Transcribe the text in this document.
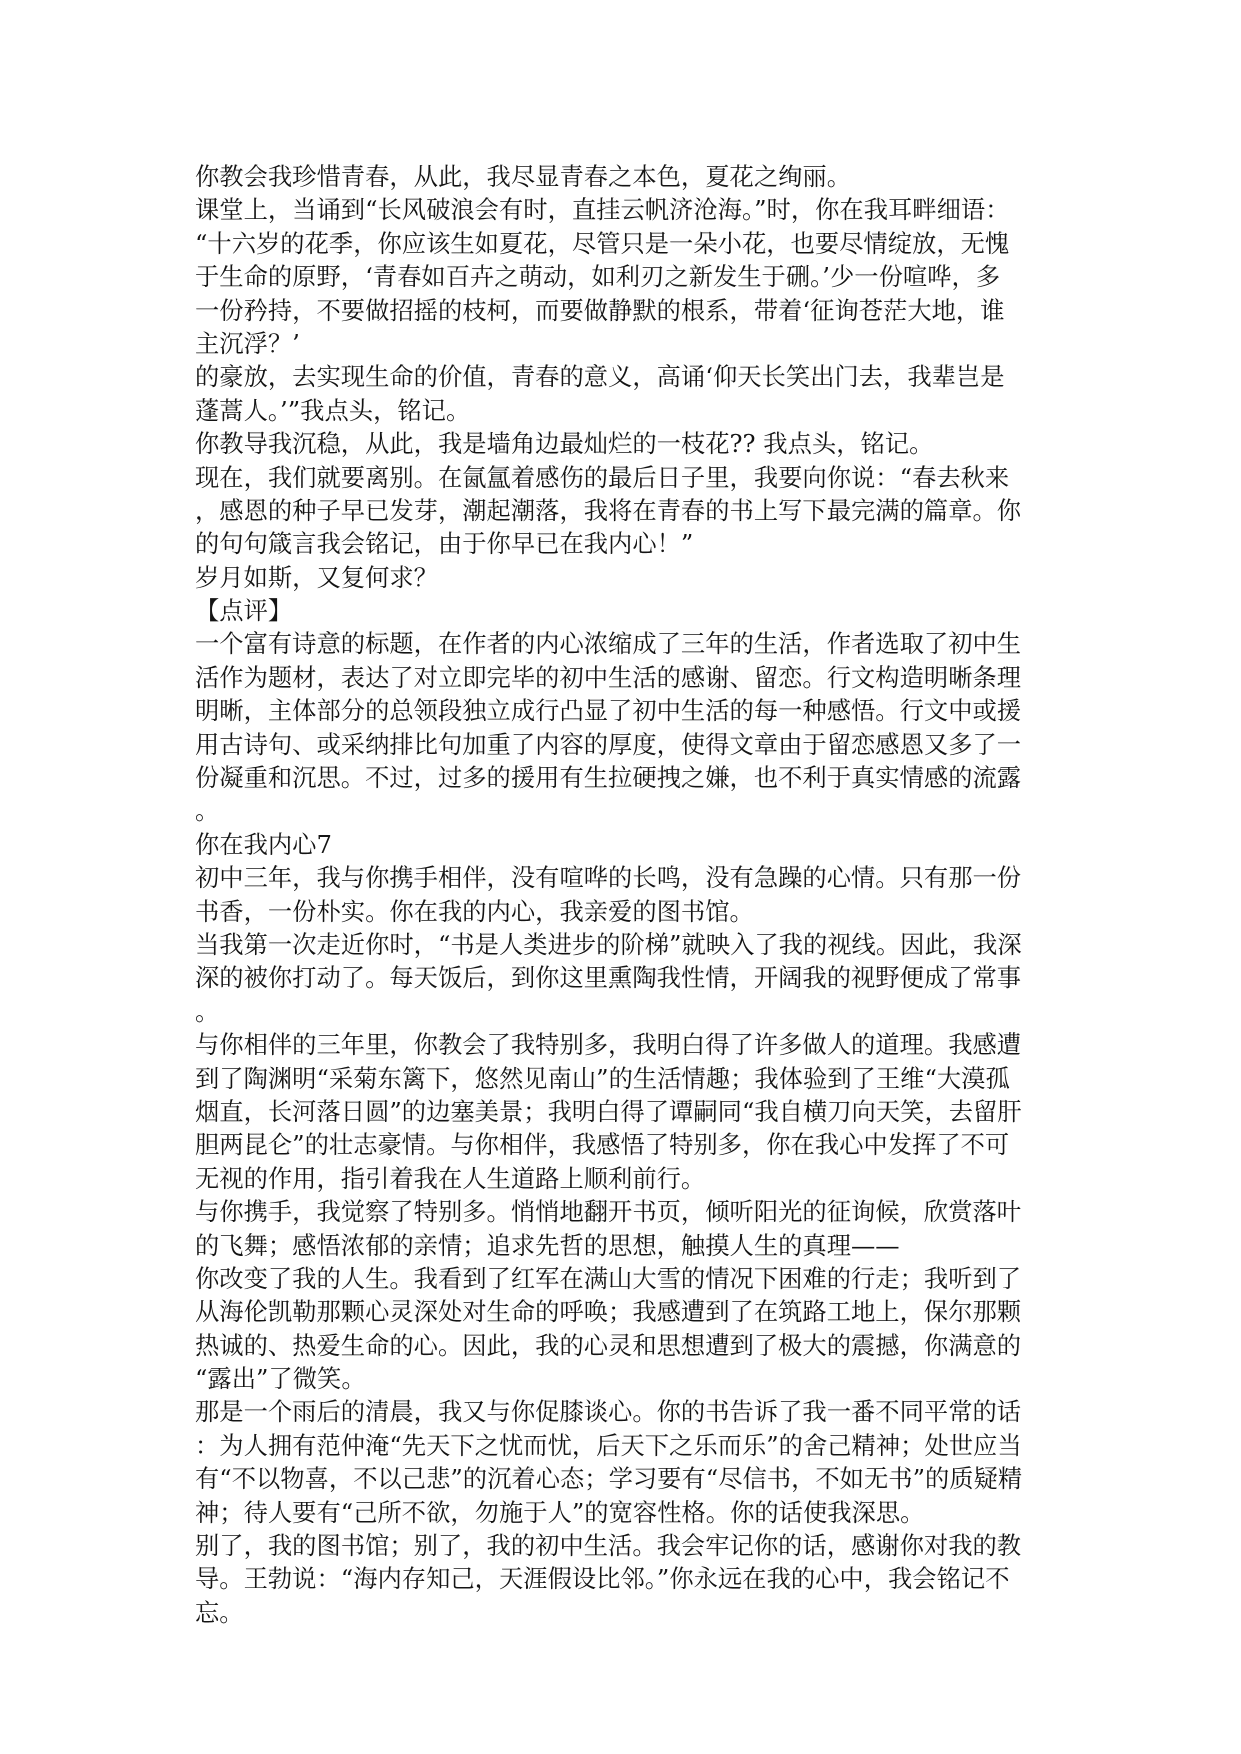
你教会我珍惜青春，从此，我尽显青春之本色，夏花之绚丽。
课堂上，当诵到“长风破浪会有时，直挂云帆济沧海。”时，你在我耳畔细语：
“十六岁的花季，你应该生如夏花，尽管只是一朵小花，也要尽情绽放，无愧
于生命的原野，‘青春如百卉之萌动，如利刃之新发生于硎。’少一份喧哗，多
一份矜持，不要做招摇的枝柯，而要做静默的根系，带着‘征询苍茫大地，谁
主沉浮？’
的豪放，去实现生命的价值，青春的意义，高诵‘仰天长笑出门去，我辈岂是
蓬蒿人。’”我点头，铭记。
你教导我沉稳，从此，我是墙角边最灿烂的一枝花?? 我点头，铭记。
现在，我们就要离别。在氤氲着感伤的最后日子里，我要向你说：“春去秋来
，感恩的种子早已发芽，潮起潮落，我将在青春的书上写下最完满的篇章。你
的句句箴言我会铭记，由于你早已在我内心！”
岁月如斯，又复何求？
【点评】
一个富有诗意的标题，在作者的内心浓缩成了三年的生活，作者选取了初中生
活作为题材，表达了对立即完毕的初中生活的感谢、留恋。行文构造明晰条理
明晰，主体部分的总领段独立成行凸显了初中生活的每一种感悟。行文中或援
用古诗句、或采纳排比句加重了内容的厚度，使得文章由于留恋感恩又多了一
份凝重和沉思。不过，过多的援用有生拉硬拽之嫌，也不利于真实情感的流露
。
你在我内心7
初中三年，我与你携手相伴，没有喧哗的长鸣，没有急躁的心情。只有那一份
书香，一份朴实。你在我的内心，我亲爱的图书馆。
当我第一次走近你时，“书是人类进步的阶梯”就映入了我的视线。因此，我深
深的被你打动了。每天饭后，到你这里熏陶我性情，开阔我的视野便成了常事
。
与你相伴的三年里，你教会了我特别多，我明白得了许多做人的道理。我感遭
到了陶渊明“采菊东篱下，悠然见南山”的生活情趣；我体验到了王维“大漠孤
烟直，长河落日圆”的边塞美景；我明白得了谭嗣同“我自横刀向天笑，去留肝
胆两昆仑”的壮志豪情。与你相伴，我感悟了特别多，你在我心中发挥了不可
无视的作用，指引着我在人生道路上顺利前行。
与你携手，我觉察了特别多。悄悄地翻开书页，倾听阳光的征询候，欣赏落叶
的飞舞；感悟浓郁的亲情；追求先哲的思想，触摸人生的真理——
你改变了我的人生。我看到了红军在满山大雪的情况下困难的行走；我听到了
从海伦凯勒那颗心灵深处对生命的呼唤；我感遭到了在筑路工地上，保尔那颗
热诚的、热爱生命的心。因此，我的心灵和思想遭到了极大的震撼，你满意的
“露出”了微笑。
那是一个雨后的清晨，我又与你促膝谈心。你的书告诉了我一番不同平常的话
：为人拥有范仲淹“先天下之忧而忧，后天下之乐而乐”的舍己精神；处世应当
有“不以物喜，不以己悲”的沉着心态；学习要有“尽信书，不如无书”的质疑精
神；待人要有“己所不欲，勿施于人”的宽容性格。你的话使我深思。
别了，我的图书馆；别了，我的初中生活。我会牢记你的话，感谢你对我的教
导。王勃说：“海内存知己，天涯假设比邻。”你永远在我的心中，我会铭记不
忘。
